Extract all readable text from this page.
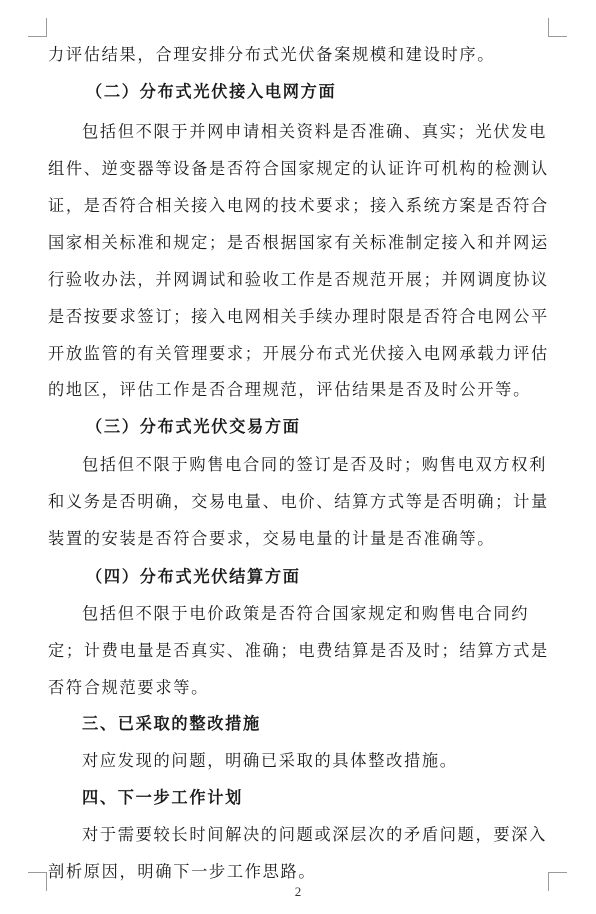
力评估结果，合理安排分布式光伏备案规模和建设时序。
（二）分布式光伏接入电网方面
包括但不限于并网申请相关资料是否准确、真实；光伏发电
组件、逆变器等设备是否符合国家规定的认证许可机构的检测认
证，是否符合相关接入电网的技术要求；接入系统方案是否符合
国家相关标准和规定；是否根据国家有关标准制定接入和并网运
行验收办法，并网调试和验收工作是否规范开展；并网调度协议
是否按要求签订；接入电网相关手续办理时限是否符合电网公平
开放监管的有关管理要求；开展分布式光伏接入电网承载力评估
的地区，评估工作是否合理规范，评估结果是否及时公开等。
（三）分布式光伏交易方面
包括但不限于购售电合同的签订是否及时；购售电双方权利
和义务是否明确，交易电量、电价、结算方式等是否明确；计量
装置的安装是否符合要求，交易电量的计量是否准确等。
（四）分布式光伏结算方面
包括但不限于电价政策是否符合国家规定和购售电合同约
定；计费电量是否真实、准确；电费结算是否及时；结算方式是
否符合规范要求等。
三、已采取的整改措施
对应发现的问题，明确已采取的具体整改措施。
四、下一步工作计划
对于需要较长时间解决的问题或深层次的矛盾问题，要深入
剖析原因，明确下一步工作思路。
2
